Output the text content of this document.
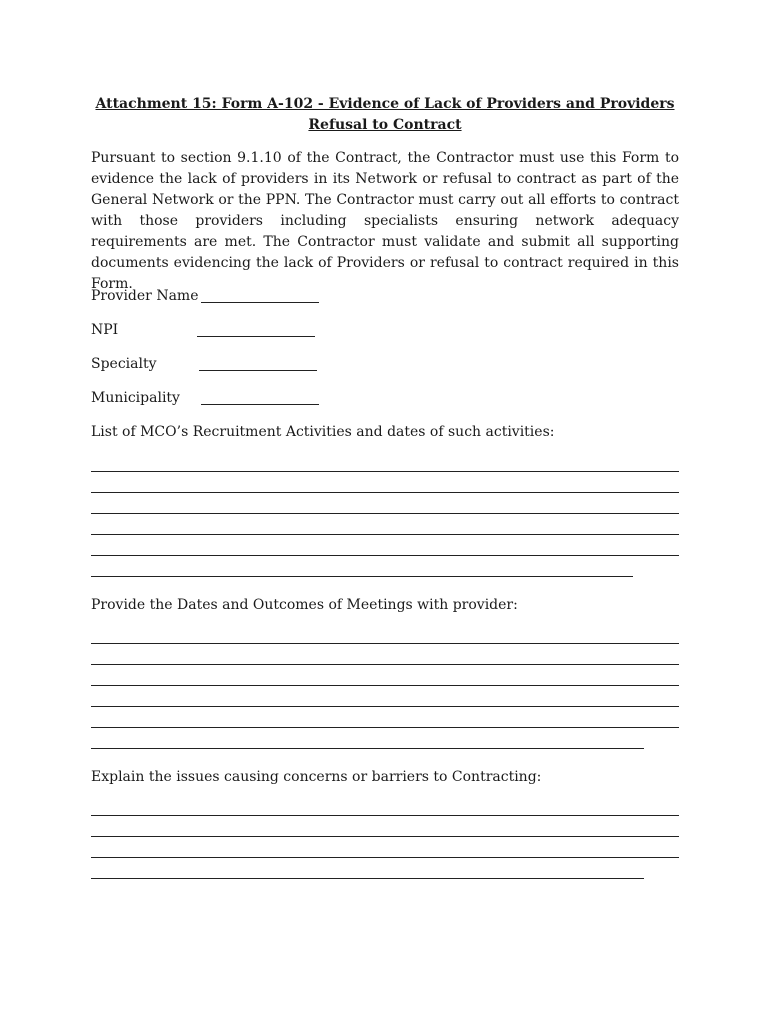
Attachment 15: Form A-102 - Evidence of Lack of Providers and Providers Refusal to Contract

Pursuant to section 9.1.10 of the Contract, the Contractor must use this Form to evidence the lack of providers in its Network or refusal to contract as part of the General Network or the PPN. The Contractor must carry out all efforts to contract with those providers including specialists ensuring network adequacy requirements are met. The Contractor must validate and submit all supporting documents evidencing the lack of Providers or refusal to contract required in this Form.

Provider Name
NPI
Specialty
Municipality
List of MCO’s Recruitment Activities and dates of such activities:
Provide the Dates and Outcomes of Meetings with provider:
Explain the issues causing concerns or barriers to Contracting:
